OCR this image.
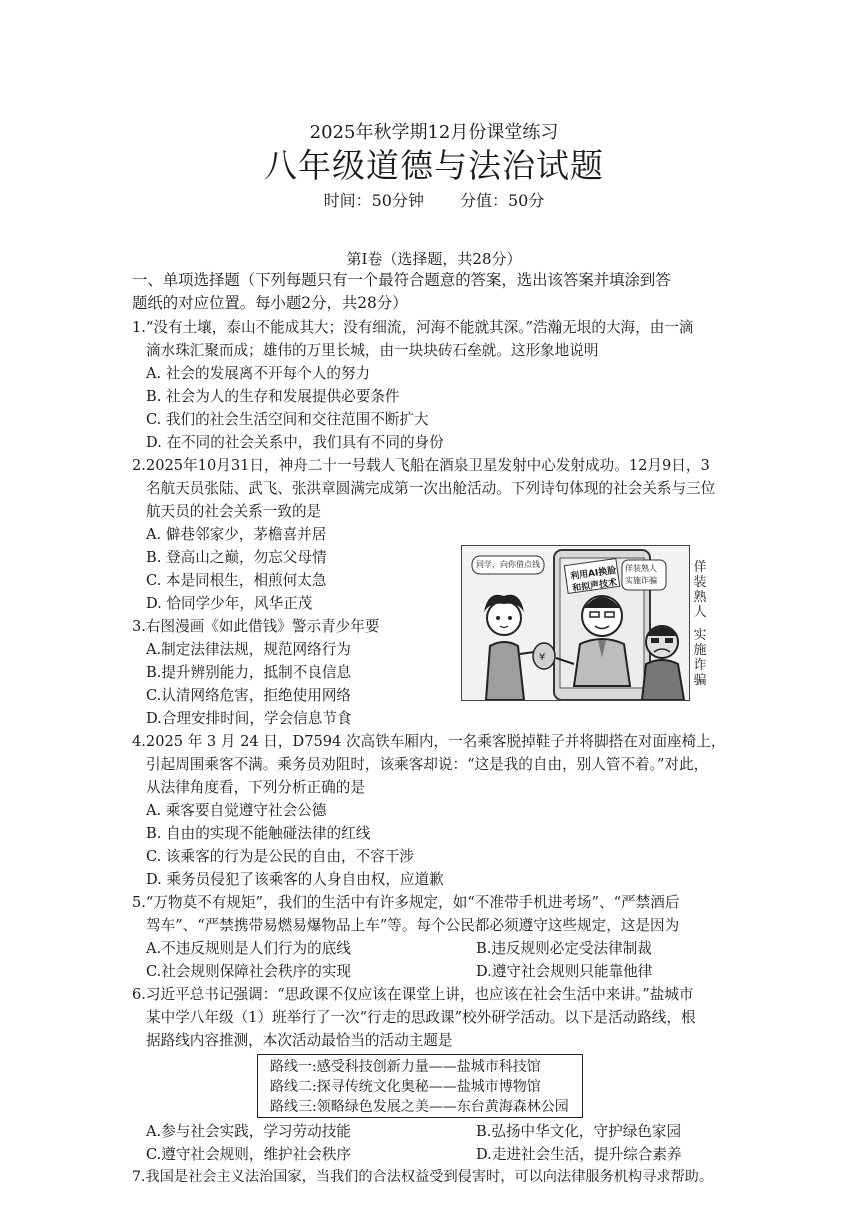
2025年秋学期12月份课堂练习
八年级道德与法治试题
时间：50分钟 分值：50分
第Ⅰ卷（选择题，共28分）
一、单项选择题（下列每题只有一个最符合题意的答案，选出该答案并填涂到答
题纸的对应位置。每小题2分，共28分）
1.“没有土壤，泰山不能成其大；没有细流，河海不能就其深。”浩瀚无垠的大海，由一滴
滴水珠汇聚而成；雄伟的万里长城，由一块块砖石垒就。这形象地说明
A. 社会的发展离不开每个人的努力
B. 社会为人的生存和发展提供必要条件
C. 我们的社会生活空间和交往范围不断扩大
D. 在不同的社会关系中，我们具有不同的身份
2.2025年10月31日，神舟二十一号载人飞船在酒泉卫星发射中心发射成功。12月9日，3
名航天员张陆、武飞、张洪章圆满完成第一次出舱活动。下列诗句体现的社会关系与三位
航天员的社会关系一致的是
A. 僻巷邻家少，茅檐喜并居
B. 登高山之巅，勿忘父母情
C. 本是同根生，相煎何太急
D. 恰同学少年，风华正茂
3.右图漫画《如此借钱》警示青少年要
A.制定法律法规，规范网络行为
B.提升辨别能力，抵制不良信息
C.认清网络危害，拒绝使用网络
D.合理安排时间，学会信息节食
¥
同学，向你借点钱
利用AI换脸
和拟声技术
佯装熟人
实施诈骗
佯装熟人
实施诈骗
4.2025 年 3 月 24 日，D7594 次高铁车厢内，一名乘客脱掉鞋子并将脚搭在对面座椅上，
引起周围乘客不满。乘务员劝阻时，该乘客却说：“这是我的自由，别人管不着。”对此，
从法律角度看，下列分析正确的是
A. 乘客要自觉遵守社会公德
B. 自由的实现不能触碰法律的红线
C. 该乘客的行为是公民的自由，不容干涉
D. 乘务员侵犯了该乘客的人身自由权，应道歉
5.“万物莫不有规矩”，我们的生活中有许多规定，如“不准带手机进考场”、“严禁酒后
驾车”、“严禁携带易燃易爆物品上车”等。每个公民都必须遵守这些规定，这是因为
A.不违反规则是人们行为的底线	B.违反规则必定受法律制裁
C.社会规则保障社会秩序的实现	D.遵守社会规则只能靠他律
6.习近平总书记强调：“思政课不仅应该在课堂上讲，也应该在社会生活中来讲。”盐城市
某中学八年级（1）班举行了一次“行走的思政课”校外研学活动。以下是活动路线，根
据路线内容推测，本次活动最恰当的活动主题是
路线一:感受科技创新力量——盐城市科技馆
路线二:探寻传统文化奥秘——盐城市博物馆
路线三:领略绿色发展之美——东台黄海森林公园
A.参与社会实践，学习劳动技能	B.弘扬中华文化，守护绿色家园
C.遵守社会规则，维护社会秩序	D.走进社会生活，提升综合素养
7.我国是社会主义法治国家，当我们的合法权益受到侵害时，可以向法律服务机构寻求帮助。
